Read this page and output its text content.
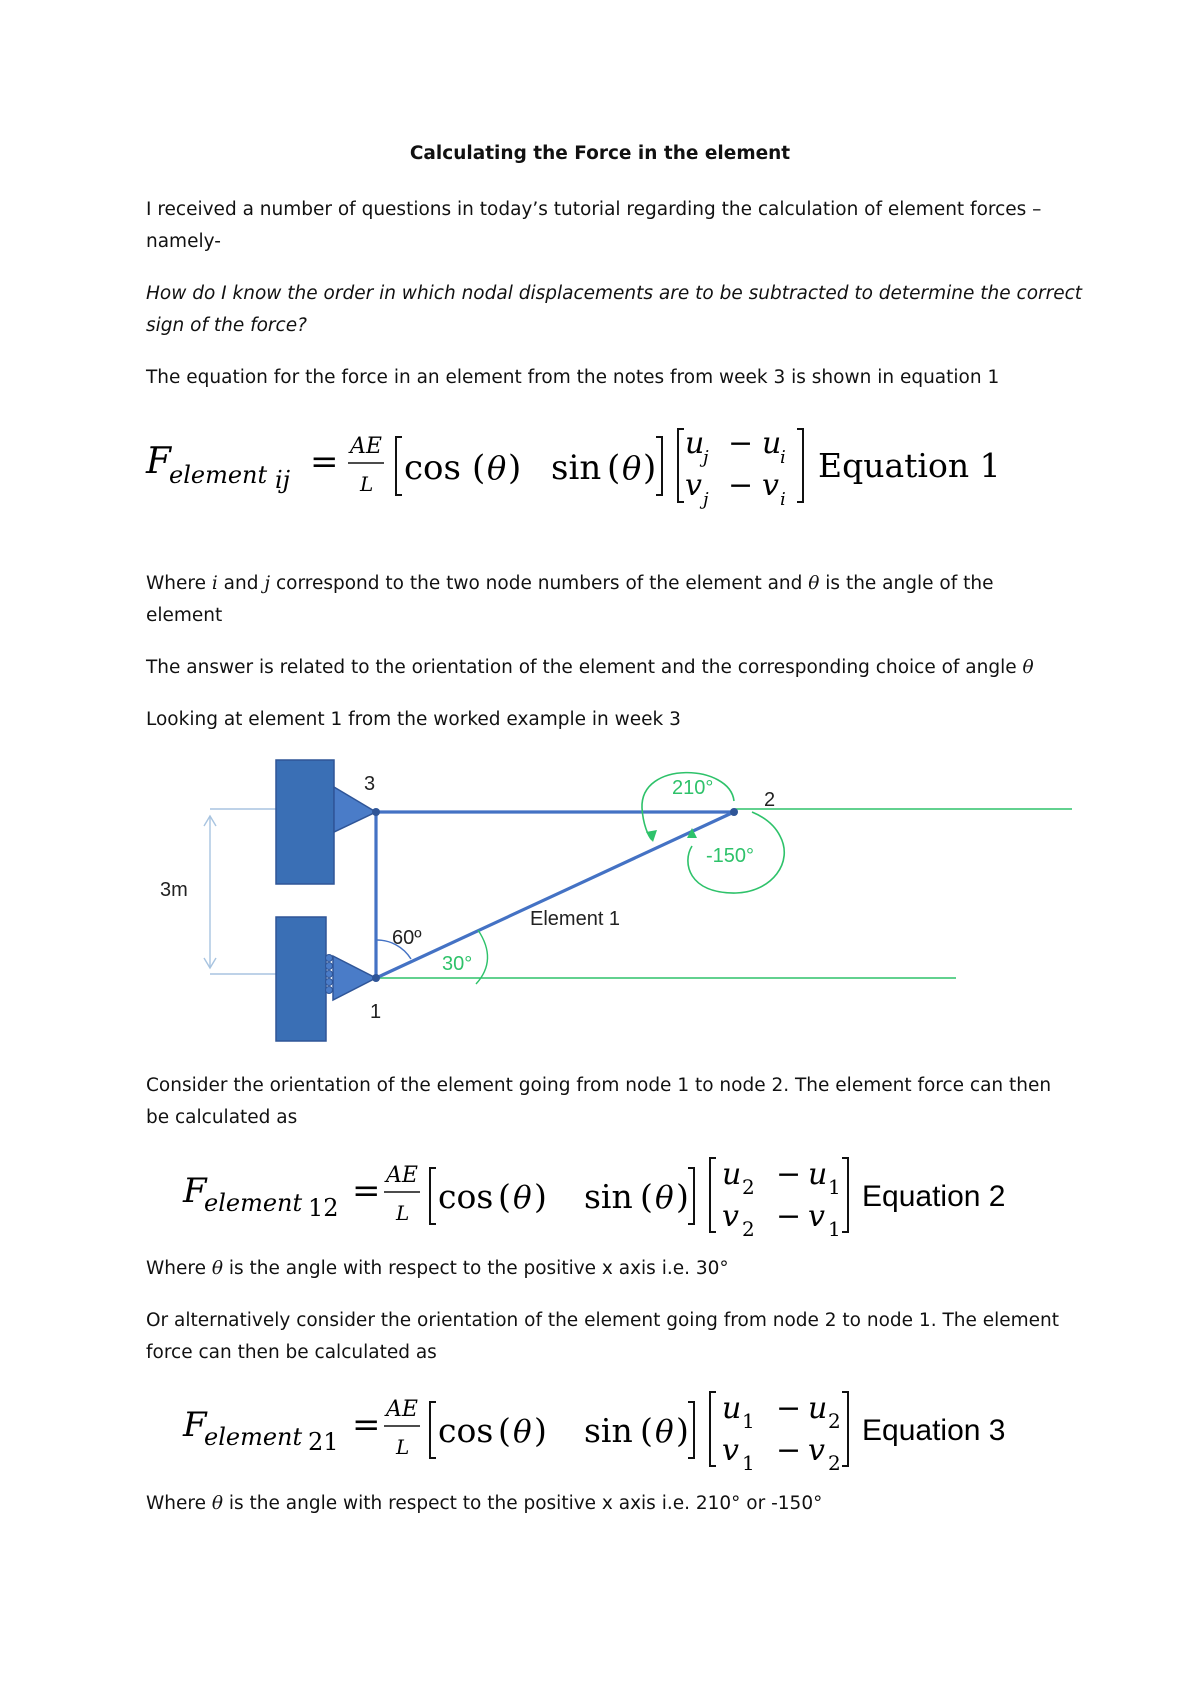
Calculating the Force in the element
I received a number of questions in today’s tutorial regarding the calculation of element forces –
namely-
How do I know the order in which nodal displacements are to be subtracted to determine the correct
sign of the force?
The equation for the force in an element from the notes from week 3 is shown in equation 1
F
element ij = AE
L cos ( θ ) sin ( θ )
u
j − u
i
v j − v i
Equation 1
Where i and j correspond to the two node numbers of the element and θ is the angle of the
element
The answer is related to the orientation of the element and the corresponding choice of angle θ
Looking at element 1 from the worked example in week 3
3m
3
2
1
210°
-150°
60º
30°
Element 1
Consider the orientation of the element going from node 1 to node 2. The element force can then
be calculated as
F
element 12 = AE
L cos ( θ ) sin ( θ )
u 2 − u 1
v 2 − v 1
Equation 2
Where θ is the angle with respect to the positive x axis i.e. 30°
Or alternatively consider the orientation of the element going from node 2 to node 1. The element
force can then be calculated as
F
element 21 = AE
L cos ( θ ) sin ( θ )
u 1 − u 2
v 1 − v 2
Equation 3
Where θ is the angle with respect to the positive x axis i.e. 210° or -150°
